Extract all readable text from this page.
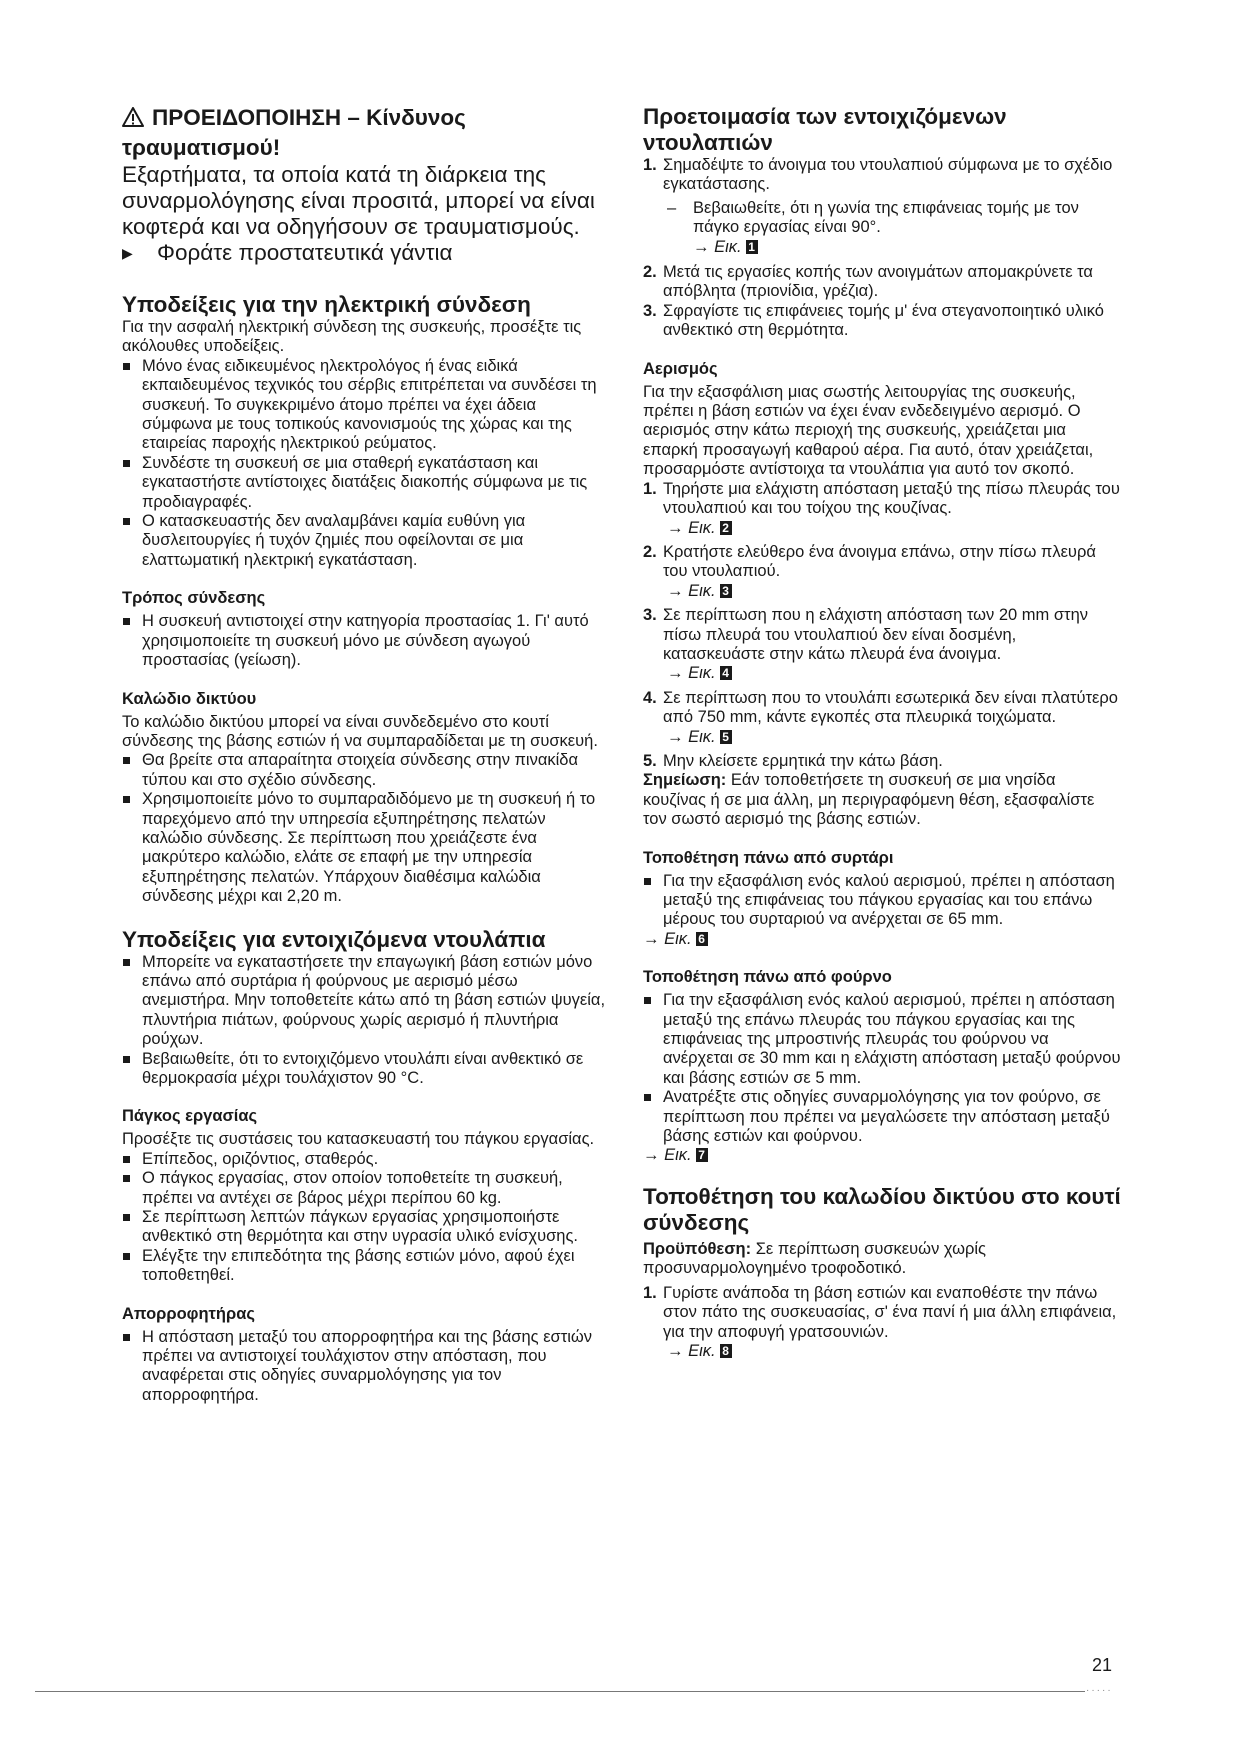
ΠΡΟΕΙΔΟΠΟΙΗΣΗ – Κίνδυνος τραυματισμού!

Εξαρτήματα, τα οποία κατά τη διάρκεια της συναρμολόγησης είναι προσιτά, μπορεί να είναι κοφτερά και να οδηγήσουν σε τραυματισμούς.

▶ Φοράτε προστατευτικά γάντια

Υποδείξεις για την ηλεκτρική σύνδεση

Για την ασφαλή ηλεκτρική σύνδεση της συσκευής, προσέξτε τις ακόλουθες υποδείξεις.

Μόνο ένας ειδικευμένος ηλεκτρολόγος ή ένας ειδικά εκπαιδευμένος τεχνικός του σέρβις επιτρέπεται να συνδέσει τη συσκευή. Το συγκεκριμένο άτομο πρέπει να έχει άδεια σύμφωνα με τους τοπικούς κανονισμούς της χώρας και της εταιρείας παροχής ηλεκτρικού ρεύματος.

Συνδέστε τη συσκευή σε μια σταθερή εγκατάσταση και εγκαταστήστε αντίστοιχες διατάξεις διακοπής σύμφωνα με τις προδιαγραφές.

Ο κατασκευαστής δεν αναλαμβάνει καμία ευθύνη για δυσλειτουργίες ή τυχόν ζημιές που οφείλονται σε μια ελαττωματική ηλεκτρική εγκατάσταση.

Τρόπος σύνδεσης

Η συσκευή αντιστοιχεί στην κατηγορία προστασίας 1. Γι' αυτό χρησιμοποιείτε τη συσκευή μόνο με σύνδεση αγωγού προστασίας (γείωση).

Καλώδιο δικτύου

Το καλώδιο δικτύου μπορεί να είναι συνδεδεμένο στο κουτί σύνδεσης της βάσης εστιών ή να συμπαραδίδεται με τη συσκευή.

Θα βρείτε στα απαραίτητα στοιχεία σύνδεσης στην πινακίδα τύπου και στο σχέδιο σύνδεσης.

Χρησιμοποιείτε μόνο το συμπαραδιδόμενο με τη συσκευή ή το παρεχόμενο από την υπηρεσία εξυπηρέτησης πελατών καλώδιο σύνδεσης. Σε περίπτωση που χρειάζεστε ένα μακρύτερο καλώδιο, ελάτε σε επαφή με την υπηρεσία εξυπηρέτησης πελατών. Υπάρχουν διαθέσιμα καλώδια σύνδεσης μέχρι και 2,20 m.

Υποδείξεις για εντοιχιζόμενα ντουλάπια

Μπορείτε να εγκαταστήσετε την επαγωγική βάση εστιών μόνο επάνω από συρτάρια ή φούρνους με αερισμό μέσω ανεμιστήρα. Μην τοποθετείτε κάτω από τη βάση εστιών ψυγεία, πλυντήρια πιάτων, φούρνους χωρίς αερισμό ή πλυντήρια ρούχων.

Βεβαιωθείτε, ότι το εντοιχιζόμενο ντουλάπι είναι ανθεκτικό σε θερμοκρασία μέχρι τουλάχιστον 90 °C.

Πάγκος εργασίας

Προσέξτε τις συστάσεις του κατασκευαστή του πάγκου εργασίας.

Επίπεδος, οριζόντιος, σταθερός.

Ο πάγκος εργασίας, στον οποίον τοποθετείτε τη συσκευή, πρέπει να αντέχει σε βάρος μέχρι περίπου 60 kg.

Σε περίπτωση λεπτών πάγκων εργασίας χρησιμοποιήστε ανθεκτικό στη θερμότητα και στην υγρασία υλικό ενίσχυσης.

Ελέγξτε την επιπεδότητα της βάσης εστιών μόνο, αφού έχει τοποθετηθεί.

Απορροφητήρας

Η απόσταση μεταξύ του απορροφητήρα και της βάσης εστιών πρέπει να αντιστοιχεί τουλάχιστον στην απόσταση, που αναφέρεται στις οδηγίες συναρμολόγησης για τον απορροφητήρα.

Προετοιμασία των εντοιχιζόμενων ντουλαπιών

1. Σημαδέψτε το άνοιγμα του ντουλαπιού σύμφωνα με το σχέδιο εγκατάστασης.

– Βεβαιωθείτε, ότι η γωνία της επιφάνειας τομής με τον πάγκο εργασίας είναι 90°.

→ Εικ. 1

2. Μετά τις εργασίες κοπής των ανοιγμάτων απομακρύνετε τα απόβλητα (πριονίδια, γρέζια).

3. Σφραγίστε τις επιφάνειες τομής μ' ένα στεγανοποιητικό υλικό ανθεκτικό στη θερμότητα.

Αερισμός

Για την εξασφάλιση μιας σωστής λειτουργίας της συσκευής, πρέπει η βάση εστιών να έχει έναν ενδεδειγμένο αερισμό. Ο αερισμός στην κάτω περιοχή της συσκευής, χρειάζεται μια επαρκή προσαγωγή καθαρού αέρα. Για αυτό, όταν χρειάζεται, προσαρμόστε αντίστοιχα τα ντουλάπια για αυτό τον σκοπό.

1. Τηρήστε μια ελάχιστη απόσταση μεταξύ της πίσω πλευράς του ντουλαπιού και του τοίχου της κουζίνας.

→ Εικ. 2

2. Κρατήστε ελεύθερο ένα άνοιγμα επάνω, στην πίσω πλευρά του ντουλαπιού.

→ Εικ. 3

3. Σε περίπτωση που η ελάχιστη απόσταση των 20 mm στην πίσω πλευρά του ντουλαπιού δεν είναι δοσμένη, κατασκευάστε στην κάτω πλευρά ένα άνοιγμα.

→ Εικ. 4

4. Σε περίπτωση που το ντουλάπι εσωτερικά δεν είναι πλατύτερο από 750 mm, κάντε εγκοπές στα πλευρικά τοιχώματα.

→ Εικ. 5

5. Μην κλείσετε ερμητικά την κάτω βάση.

Σημείωση: Εάν τοποθετήσετε τη συσκευή σε μια νησίδα κουζίνας ή σε μια άλλη, μη περιγραφόμενη θέση, εξασφαλίστε τον σωστό αερισμό της βάσης εστιών.

Τοποθέτηση πάνω από συρτάρι

Για την εξασφάλιση ενός καλού αερισμού, πρέπει η απόσταση μεταξύ της επιφάνειας του πάγκου εργασίας και του επάνω μέρους του συρταριού να ανέρχεται σε 65 mm.

→ Εικ. 6

Τοποθέτηση πάνω από φούρνο

Για την εξασφάλιση ενός καλού αερισμού, πρέπει η απόσταση μεταξύ της επάνω πλευράς του πάγκου εργασίας και της επιφάνειας της μπροστινής πλευράς του φούρνου να ανέρχεται σε 30 mm και η ελάχιστη απόσταση μεταξύ φούρνου και βάσης εστιών σε 5 mm.

Ανατρέξτε στις οδηγίες συναρμολόγησης για τον φούρνο, σε περίπτωση που πρέπει να μεγαλώσετε την απόσταση μεταξύ βάσης εστιών και φούρνου.

→ Εικ. 7

Τοποθέτηση του καλωδίου δικτύου στο κουτί σύνδεσης

Προϋπόθεση: Σε περίπτωση συσκευών χωρίς προσυναρμολογημένο τροφοδοτικό.

1. Γυρίστε ανάποδα τη βάση εστιών και εναποθέστε την πάνω στον πάτο της συσκευασίας, σ' ένα πανί ή μια άλλη επιφάνεια, για την αποφυγή γρατσουνιών.

→ Εικ. 8

21
·····
